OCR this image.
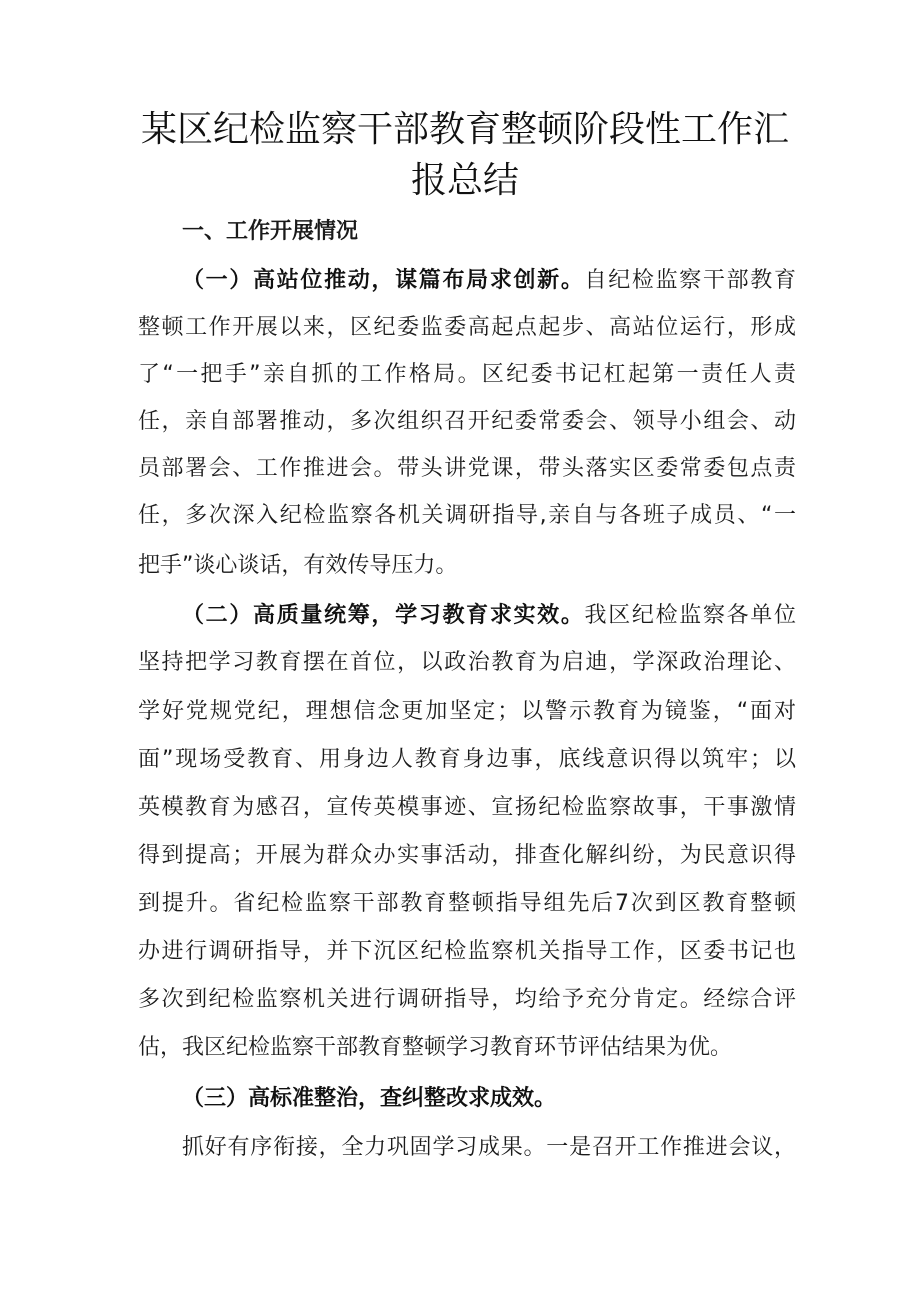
某区纪检监察干部教育整顿阶段性工作汇
报总结

一、工作开展情况

（一）高站位推动，谋篇布局求创新。自纪检监察干部教育

整顿工作开展以来，区纪委监委高起点起步、高站位运行，形成

了“一把手”亲自抓的工作格局。区纪委书记杠起第一责任人责

任，亲自部署推动，多次组织召开纪委常委会、领导小组会、动

员部署会、工作推进会。带头讲党课，带头落实区委常委包点责

任，多次深入纪检监察各机关调研指导,亲自与各班子成员、“一

把手”谈心谈话，有效传导压力。

（二）高质量统筹，学习教育求实效。我区纪检监察各单位

坚持把学习教育摆在首位，以政治教育为启迪，学深政治理论、

学好党规党纪，理想信念更加坚定；以警示教育为镜鉴，“面对

面”现场受教育、用身边人教育身边事，底线意识得以筑牢；以

英模教育为感召，宣传英模事迹、宣扬纪检监察故事，干事激情

得到提高；开展为群众办实事活动，排查化解纠纷，为民意识得

到提升。省纪检监察干部教育整顿指导组先后7次到区教育整顿

办进行调研指导，并下沉区纪检监察机关指导工作，区委书记也

多次到纪检监察机关进行调研指导，均给予充分肯定。经综合评

估，我区纪检监察干部教育整顿学习教育环节评估结果为优。

（三）高标准整治，查纠整改求成效。

抓好有序衔接，全力巩固学习成果。一是召开工作推进会议，
